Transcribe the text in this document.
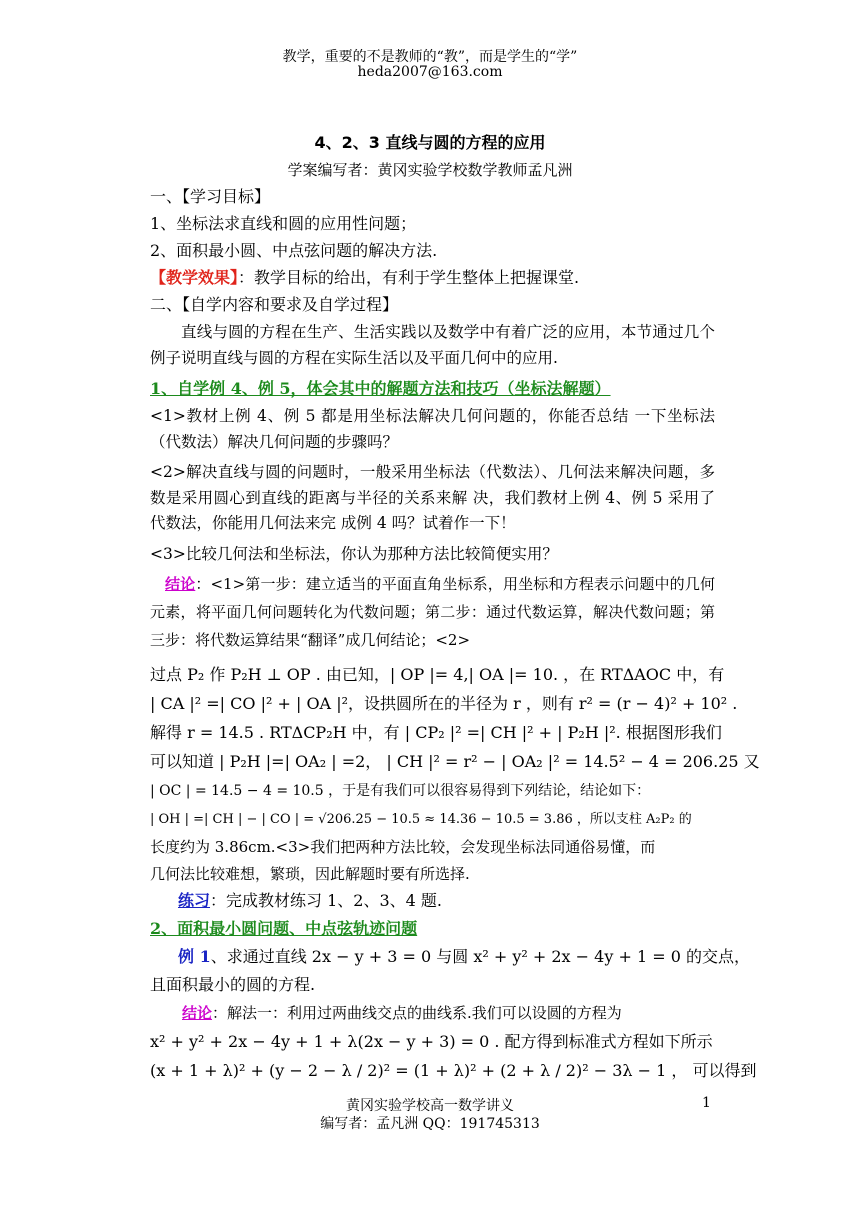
教学，重要的不是教师的“教”，而是学生的“学”
heda2007@163.com
4、2、3 直线与圆的方程的应用
学案编写者：黄冈实验学校数学教师孟凡洲
一、【学习目标】
1、坐标法求直线和圆的应用性问题；
2、面积最小圆、中点弦问题的解决方法.
【教学效果】：教学目标的给出，有利于学生整体上把握课堂.
二、【自学内容和要求及自学过程】
直线与圆的方程在生产、生活实践以及数学中有着广泛的应用，本节通过几个例子说明直线与圆的方程在实际生活以及平面几何中的应用.
1、自学例 4、例 5，体会其中的解题方法和技巧（坐标法解题）
<1>教材上例 4、例 5 都是用坐标法解决几何问题的，你能否总结 一下坐标法（代数法）解决几何问题的步骤吗？
<2>解决直线与圆的问题时，一般采用坐标法（代数法）、几何法来解决问题，多数是采用圆心到直线的距离与半径的关系来解 决，我们教材上例 4、例 5 采用了代数法，你能用几何法来完 成例 4 吗？试着作一下！
<3>比较几何法和坐标法，你认为那种方法比较简便实用？
结论：<1>第一步：建立适当的平面直角坐标系，用坐标和方程表示问题中的几何元素，将平面几何问题转化为代数问题；第二步：通过代数运算，解决代数问题；第三步：将代数运算结果“翻译”成几何结论；<2>
过点 P₂ 作 P₂H ⊥ OP . 由已知，| OP |= 4,| OA |= 10. ，在 RTΔAOC 中，有
| CA |² =| CO |² + | OA |²，设拱圆所在的半径为 r ，则有 r² = (r − 4)² + 10² .
解得 r = 14.5 . RTΔCP₂H 中，有 | CP₂ |² =| CH |² + | P₂H |². 根据图形我们
可以知道 | P₂H |=| OA₂ | =2， | CH |² = r² − | OA₂ |² = 14.5² − 4 = 206.25 又
| OC | = 14.5 − 4 = 10.5 ，于是有我们可以很容易得到下列结论，结论如下：
| OH | =| CH | − | CO | = √206.25 − 10.5 ≈ 14.36 − 10.5 = 3.86 ，所以支柱 A₂P₂ 的
长度约为 3.86cm.<3>我们把两种方法比较，会发现坐标法同通俗易懂，而
几何法比较难想，繁琐，因此解题时要有所选择.
练习：完成教材练习 1、2、3、4 题.
2、面积最小圆问题、中点弦轨迹问题
例 1、求通过直线 2x − y + 3 = 0 与圆 x² + y² + 2x − 4y + 1 = 0 的交点，
且面积最小的圆的方程.
结论：解法一：利用过两曲线交点的曲线系.我们可以设圆的方程为
x² + y² + 2x − 4y + 1 + λ(2x − y + 3) = 0 . 配方得到标准式方程如下所示
(x + 1 + λ)² + (y − 2 − λ / 2)² = (1 + λ)² + (2 + λ / 2)² − 3λ − 1 ， 可以得到
黄冈实验学校高一数学讲义	1
编写者：孟凡洲 QQ：191745313
